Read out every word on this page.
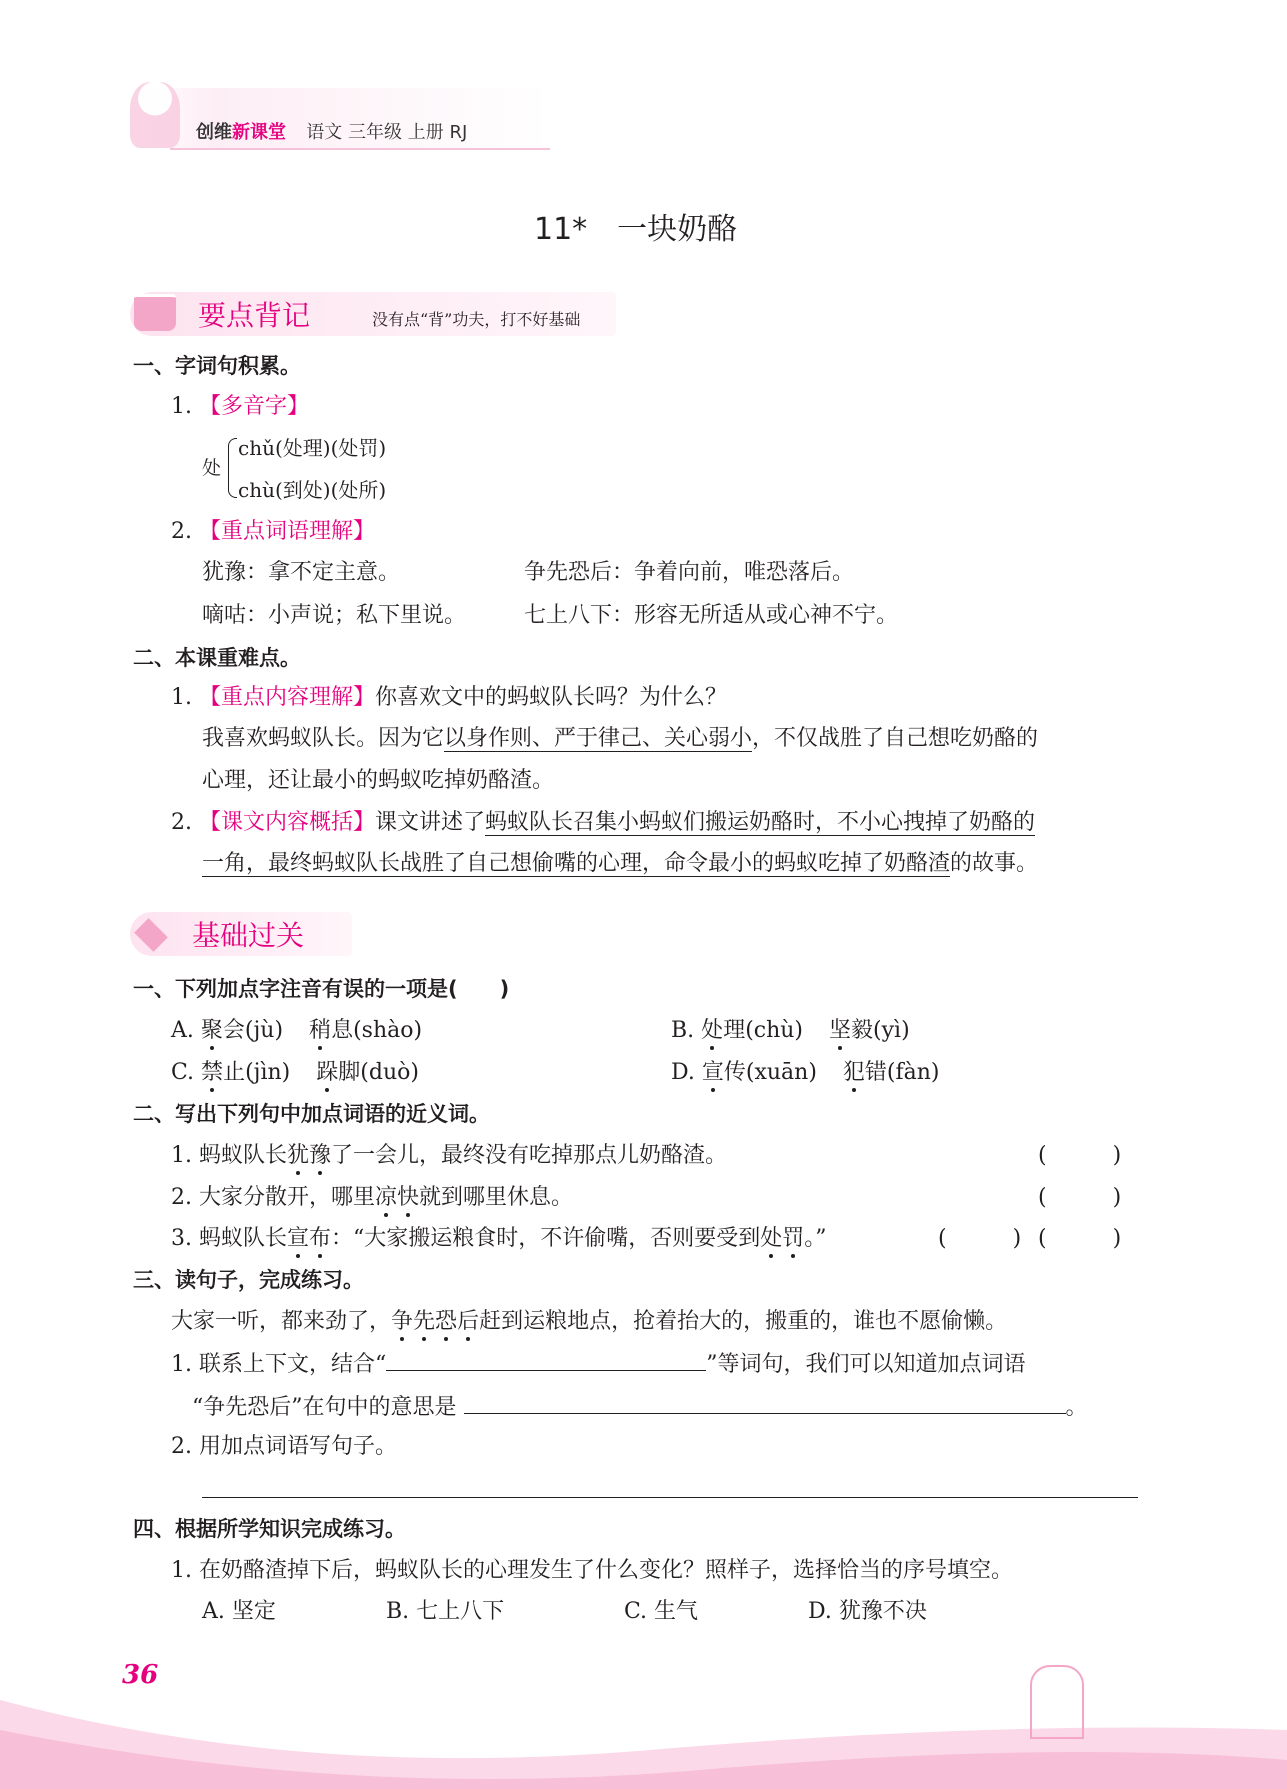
创维新课堂 语文 三年级 上册 RJ
11*　一块奶酪
要点背记	没有点“背”功夫，打不好基础
一、字词句积累。
1. 【多音字】
处
chǔ(处理)(处罚)
chù(到处)(处所)
2. 【重点词语理解】
犹豫：拿不定主意。	争先恐后：争着向前，唯恐落后。
嘀咕：小声说；私下里说。	七上八下：形容无所适从或心神不宁。
二、本课重难点。
1. 【重点内容理解】你喜欢文中的蚂蚁队长吗？为什么？
我喜欢蚂蚁队长。因为它以身作则、严于律己、关心弱小，不仅战胜了自己想吃奶酪的
心理，还让最小的蚂蚁吃掉奶酪渣。
2. 【课文内容概括】课文讲述了蚂蚁队长召集小蚂蚁们搬运奶酪时，不小心拽掉了奶酪的
一角，最终蚂蚁队长战胜了自己想偷嘴的心理，命令最小的蚂蚁吃掉了奶酪渣的故事。
基础过关
一、下列加点字注音有误的一项是(　　)
A. 聚会(jù) 稍息(shào)	B. 处理(chù) 坚毅(yì)
C. 禁止(jìn) 跺脚(duò)	D. 宣传(xuān) 犯错(fàn)
二、写出下列句中加点词语的近义词。
1. 蚂蚁队长犹豫了一会儿，最终没有吃掉那点儿奶酪渣。	(　　　)
2. 大家分散开，哪里凉快就到哪里休息。	(　　　)
3. 蚂蚁队长宣布：“大家搬运粮食时，不许偷嘴，否则要受到处罚。”	(　　　) (　　　)
三、读句子，完成练习。
大家一听，都来劲了，争先恐后赶到运粮地点，抢着抬大的，搬重的，谁也不愿偷懒。
1. 联系上下文，结合“	”等词句，我们可以知道加点词语
“争先恐后”在句中的意思是	。
2. 用加点词语写句子。
四、根据所学知识完成练习。
1. 在奶酪渣掉下后，蚂蚁队长的心理发生了什么变化？照样子，选择恰当的序号填空。
A. 坚定	B. 七上八下	C. 生气	D. 犹豫不决
36
